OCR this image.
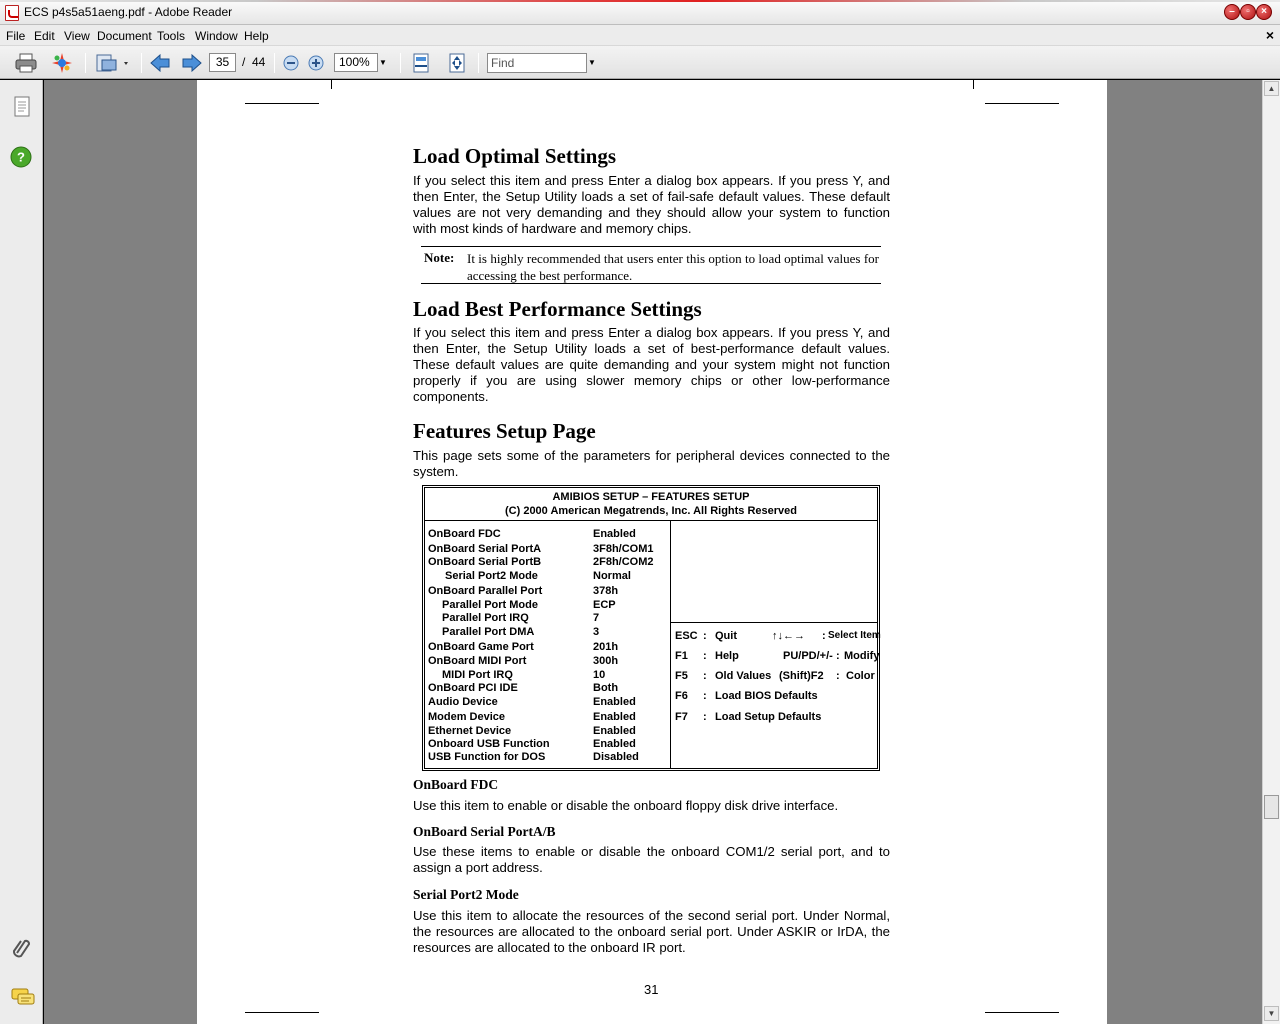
ECS p4s5a51aeng.pdf - Adobe Reader	–	▫	×
File Edit View Document Tools Window Help	×
35	/ 44	100%	▼	Find	▼
?	Load Optimal Settings
If you select this item and press Enter a dialog box appears. If you press Y, and then Enter, the Setup Utility loads a set of fail-safe default values. These default values are not very demanding and they should allow your system to function with most kinds of hardware and memory chips.
Note: It is highly recommended that users enter this option to load optimal values for accessing the best performance.
Load Best Performance Settings
If you select this item and press Enter a dialog box appears. If you press Y, and then Enter, the Setup Utility loads a set of best-performance default values. These default values are quite demanding and your system might not function properly if you are using slower memory chips or other low-performance components.
Features Setup Page
This page sets some of the parameters for peripheral devices connected to the system.
AMIBIOS SETUP – FEATURES SETUP
(C) 2000 American Megatrends, Inc. All Rights Reserved
OnBoard FDC	Enabled
OnBoard Serial PortA	3F8h/COM1
OnBoard Serial PortB	2F8h/COM2
Serial Port2 Mode	Normal
OnBoard Parallel Port	378h
Parallel Port Mode	ECP
Parallel Port IRQ	7
Parallel Port DMA	3
OnBoard Game Port	201h
OnBoard MIDI Port	300h
MIDI Port IRQ	10
OnBoard PCI IDE	Both
Audio Device	Enabled
Modem Device	Enabled
Ethernet Device	Enabled
Onboard USB Function	Enabled
USB Function for DOS	Disabled
ESC : Quit	↑↓←→ : Select Item
F1 : Help	PU/PD/+/- : Modify
F5 : Old Values (Shift)F2 : Color
F6 : Load BIOS Defaults
F7 : Load Setup Defaults
OnBoard FDC
Use this item to enable or disable the onboard floppy disk drive interface.
OnBoard Serial PortA/B
Use these items to enable or disable the onboard COM1/2 serial port, and to assign a port address.
Serial Port2 Mode
Use this item to allocate the resources of the second serial port. Under Normal, the resources are allocated to the onboard serial port. Under ASKIR or IrDA, the resources are allocated to the onboard IR port.
31
▲
▼
